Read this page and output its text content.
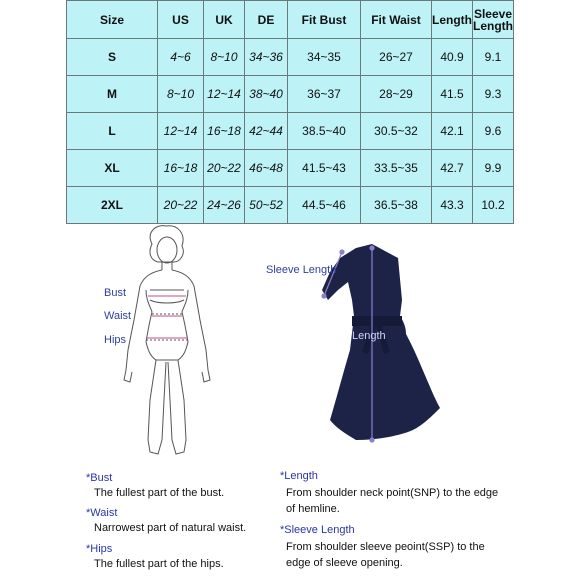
Size	US	UK	DE	Fit Bust	Fit Waist	Length	Sleeve Length
S	4~6	8~10	34~36	34~35	26~27	40.9	9.1
M	8~10	12~14	38~40	36~37	28~29	41.5	9.3
L	12~14	16~18	42~44	38.5~40	30.5~32	42.1	9.6
XL	16~18	20~22	46~48	41.5~43	33.5~35	42.7	9.9
2XL	20~22	24~26	50~52	44.5~46	36.5~38	43.3	10.2
Bust
Waist
Hips
Sleeve Length
Length
*Bust
The fullest part of the bust.
*Waist
Narrowest part of natural waist.
*Hips
The fullest part of the hips.
*Length
From shoulder neck point(SNP) to the edge of hemline.
*Sleeve Length
From shoulder sleeve peoint(SSP) to the edge of sleeve opening.
